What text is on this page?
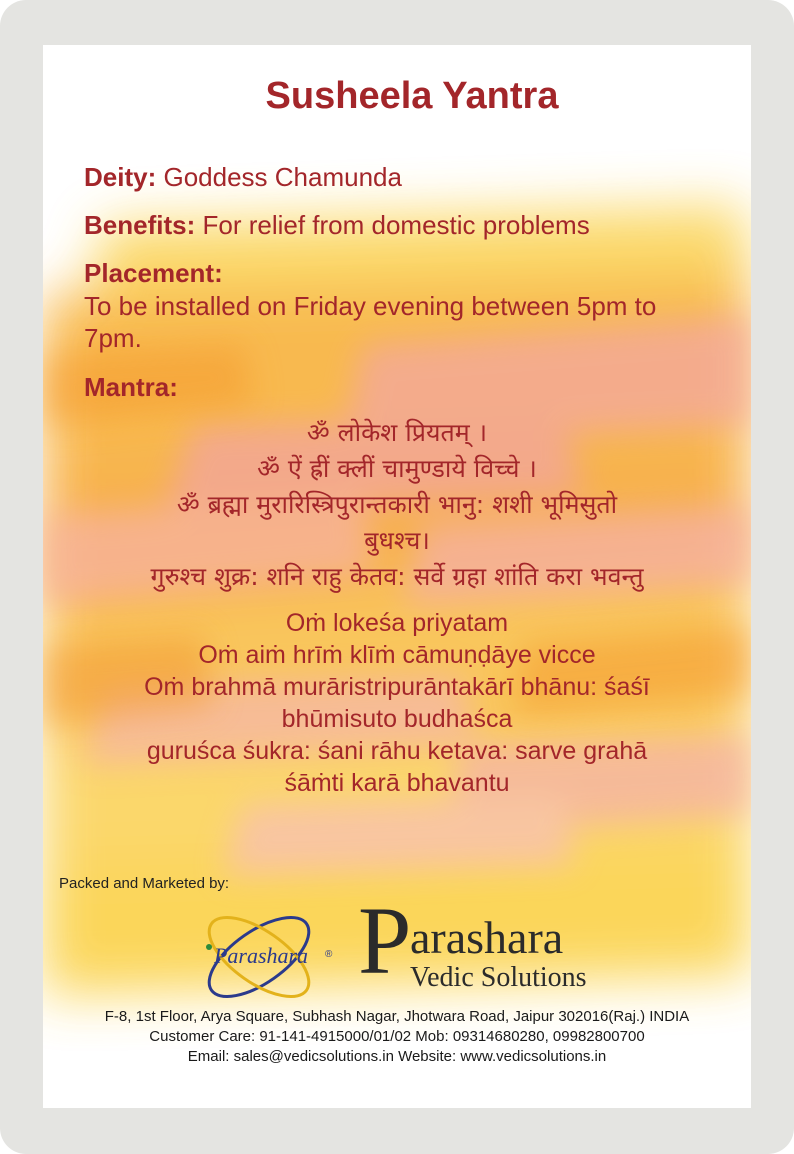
Susheela Yantra
Deity: Goddess Chamunda
Benefits: For relief from domestic problems
Placement:
To be installed on Friday evening between 5pm to
7pm.
Mantra:
ॐ लोकेश प्रियतम् ।
ॐ ऐं ह्रीं क्लीं चामुण्डाये विच्चे ।
ॐ ब्रह्मा मुरारिस्त्रिपुरान्तकारी भानु: शशी भूमिसुतो
बुधश्च।
गुरुश्च शुक्र: शनि राहु केतव: सर्वे ग्रहा शांति करा भवन्तु
Oṁ lokeśa priyatam
Oṁ aiṁ hrīṁ klīṁ cāmuṇḍāye vicce
Oṁ brahmā murāristripurāntakārī bhānu: śaśī
bhūmisuto budhaśca
guruśca śukra: śani rāhu ketava: sarve grahā
śāṁti karā bhavantu
Packed and Marketed by:
Parashara ® P
arashara
Vedic Solutions
F-8, 1st Floor, Arya Square, Subhash Nagar, Jhotwara Road, Jaipur 302016(Raj.) INDIA
Customer Care: 91-141-4915000/01/02 Mob: 09314680280, 09982800700
Email: sales@vedicsolutions.in Website: www.vedicsolutions.in
